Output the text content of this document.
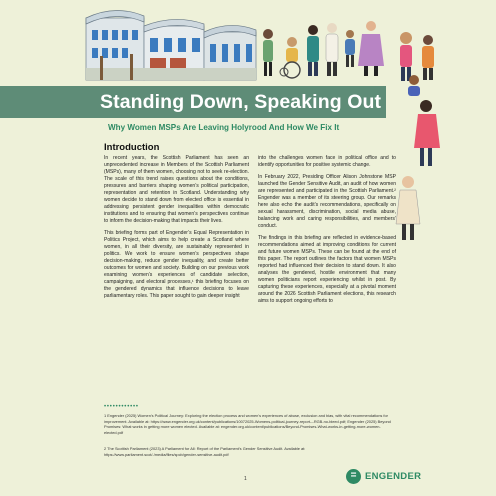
Standing Down, Speaking Out
Why Women MSPs Are Leaving Holyrood And How We Fix It
Introduction

In recent years, the Scottish Parliament has seen an unprecedented increase in Members of the Scottish Parliament (MSPs), many of them women, choosing not to seek re-election. The scale of this trend raises questions about the conditions, pressures and barriers shaping women’s political participation, representation and retention in Scotland. Understanding why women decide to stand down from elected office is essential in addressing persistent gender inequalities within democratic institutions and to ensuring that women’s perspectives continue to inform the decision-making that impacts their lives.

This briefing forms part of Engender’s Equal Representation in Politics Project, which aims to help create a Scotland where women, in all their diversity, are sustainably represented in politics. We work to ensure women’s perspectives shape decision-making, reduce gender inequality, and create better outcomes for women and society. Building on our previous work examining women’s experiences of candidate selection, campaigning, and electoral processes,¹ this briefing focuses on the gendered dynamics that influence decisions to leave parliamentary roles. This paper sought to gain deeper insight

into the challenges women face in political office and to identify opportunities for positive systemic change.

In February 2022, Presiding Officer Alison Johnstone MSP launched the Gender Sensitive Audit, an audit of how women are represented and participated in the Scottish Parliament.² Engender was a member of its steering group. Our remarks here also echo the audit’s recommendations, specifically on sexual harassment, discrimination, social media abuse, balancing work and caring responsibilities, and members’ conduct.

The findings in this briefing are reflected in evidence-based recommendations aimed at improving conditions for current and future women MSPs. These can be found at the end of this paper. The report outlines the factors that women MSPs reported had influenced their decision to stand down. It also analyses the gendered, hostile environment that many women politicians report experiencing whilst in post. By capturing these experiences, especially at a pivotal moment around the 2026 Scottish Parliament elections, this research aims to support ongoing efforts to

••••••••••••
1 Engender (2025) Women’s Political Journey: Exploring the election process and women’s experiences of abuse, exclusion and bias, with vital recommendations for improvement. Available at: https://www.engender.org.uk/content/publications/10072025-Womens-political-journey-report---RGB-no-bleed.pdf; Engender (2025) Beyond Promises: What works in getting more women elected. Available at: engender.org.uk/content/publications/Beyond-Promises-What-works-in-getting-more-women-elected.pdf
2 The Scottish Parliament (2023) A Parliament for All: Report of the Parliament’s Gender Sensitive Audit. Available at: https://www.parliament.scot/-/media/files/spcb/gender-sensitive-audit.pdf
1	= ENGENDER
